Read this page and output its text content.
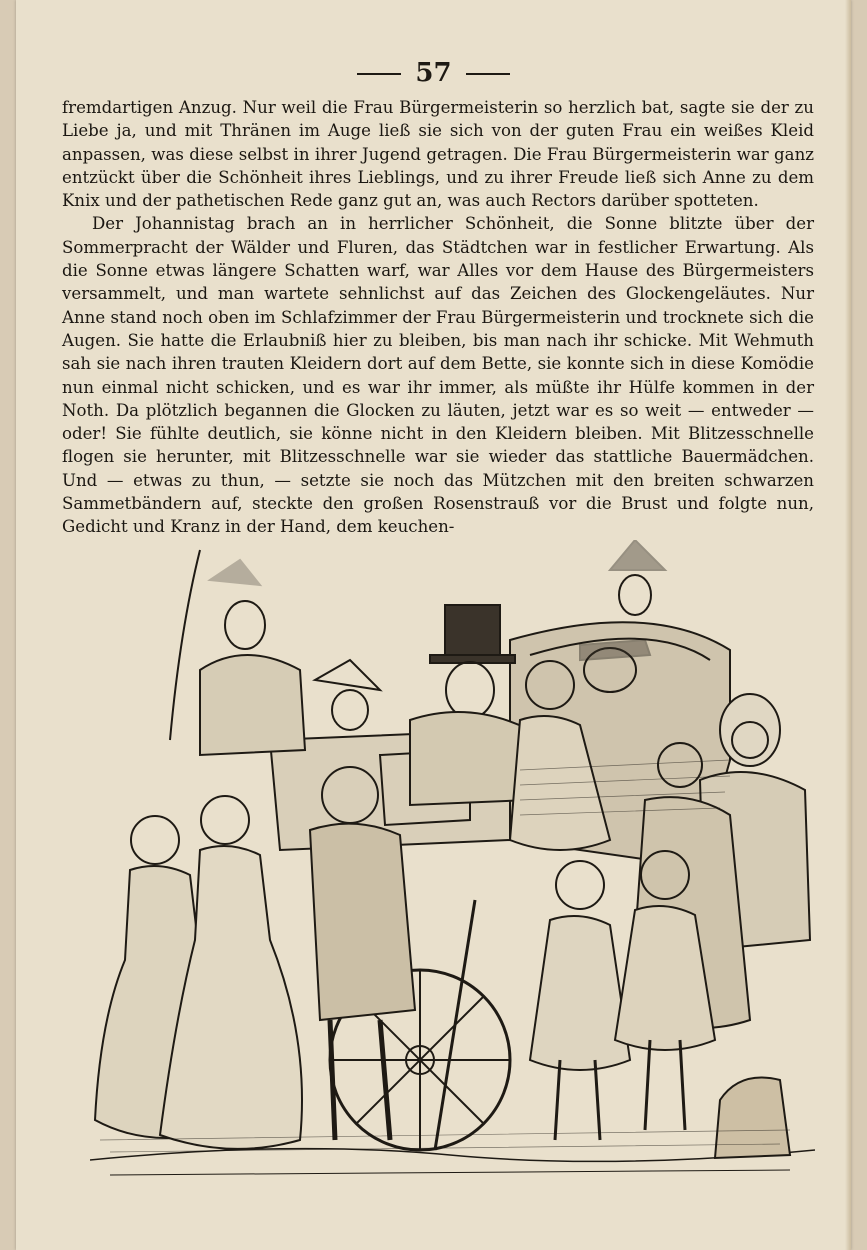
57

fremdartigen Anzug. Nur weil die Frau Bürgermeisterin so herzlich bat, sagte sie der zu Liebe ja, und mit Thränen im Auge ließ sie sich von der guten Frau ein weißes Kleid anpassen, was diese selbst in ihrer Jugend getragen. Die Frau Bürgermeisterin war ganz entzückt über die Schönheit ihres Lieblings, und zu ihrer Freude ließ sich Anne zu dem Knix und der pathetischen Rede ganz gut an, was auch Rectors darüber spotteten.

Der Johannistag brach an in herrlicher Schönheit, die Sonne blitzte über der Sommerpracht der Wälder und Fluren, das Städtchen war in festlicher Erwartung. Als die Sonne etwas längere Schatten warf, war Alles vor dem Hause des Bürgermeisters versammelt, und man wartete sehnlichst auf das Zeichen des Glockengeläutes. Nur Anne stand noch oben im Schlafzimmer der Frau Bürgermeisterin und trocknete sich die Augen. Sie hatte die Erlaubniß hier zu bleiben, bis man nach ihr schicke. Mit Wehmuth sah sie nach ihren trauten Kleidern dort auf dem Bette, sie konnte sich in diese Komödie nun einmal nicht schicken, und es war ihr immer, als müßte ihr Hülfe kommen in der Noth. Da plötzlich begannen die Glocken zu läuten, jetzt war es so weit — entweder — oder! Sie fühlte deutlich, sie könne nicht in den Kleidern bleiben. Mit Blitzesschnelle flogen sie herunter, mit Blitzesschnelle war sie wieder das stattliche Bauermädchen. Und — etwas zu thun, — setzte sie noch das Mützchen mit den breiten schwarzen Sammetbändern auf, steckte den großen Rosenstrauß vor die Brust und folgte nun, Gedicht und Kranz in der Hand, dem keuchen-
